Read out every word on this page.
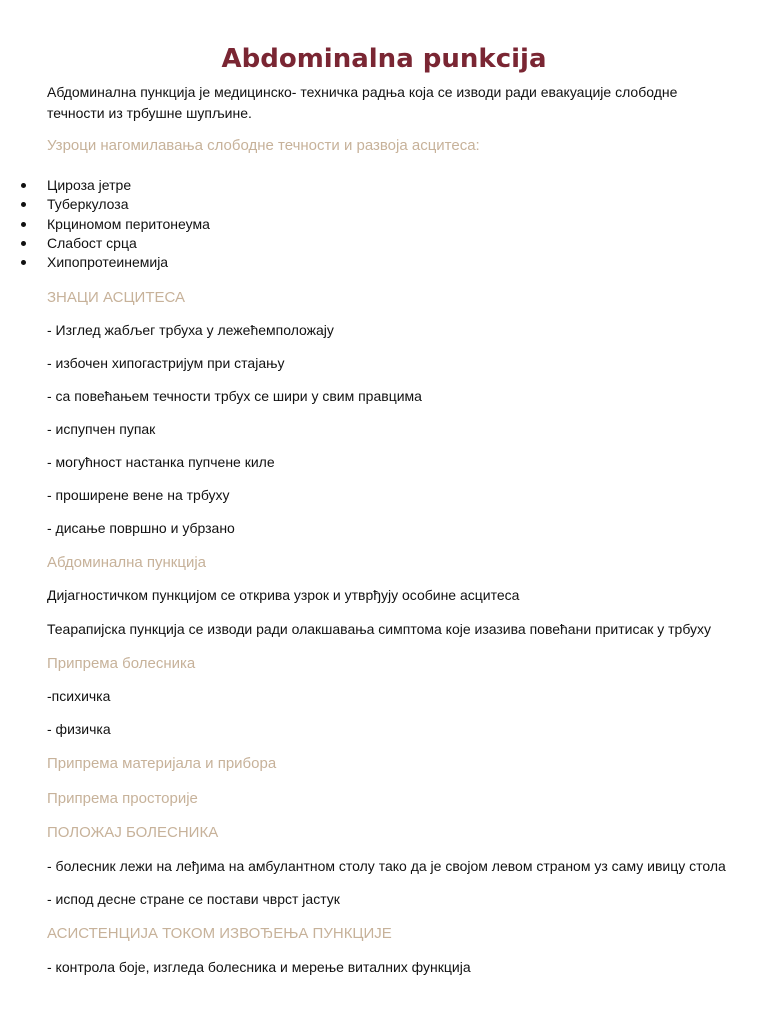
Abdominalna punkcija
Абдоминална пункција је медицинско- техничка радња која се изводи ради евакуације слободне течности из трбушне шупљине.
Узроци нагомилавања слободне течности и развоја асцитеса:
Цироза јетре
Туберкулоза
Крциномом перитонеума
Слабост срца
Хипопротеинемија
ЗНАЦИ АСЦИТЕСА
- Изглед жабљег трбуха у лежећемположају
- избочен хипогастријум при стајању
- са повећањем течности трбух се шири у свим правцима
- испупчен пупак
- могућност настанка пупчене киле
- проширене вене на трбуху
- дисање површно и убрзано
Абдоминална пункција
Дијагностичком пункцијом се открива узрок и утврђују особине асцитеса
Теарапијска пункција се изводи ради олакшавања симптома које изазива повећани притисак у трбуху
Припрема болесника
-психичка
- физичка
Припрема материјала и прибора
Припрема просторије
ПОЛОЖАЈ БОЛЕСНИКА
- болесник лежи на леђима на амбулантном столу тако да је својом левом страном уз саму ивицу стола
- испод десне стране се постави чврст јастук
АСИСТЕНЦИЈА ТОКОМ ИЗВОЂЕЊА ПУНКЦИЈЕ
- контрола боје, изгледа болесника и мерење виталних функција
